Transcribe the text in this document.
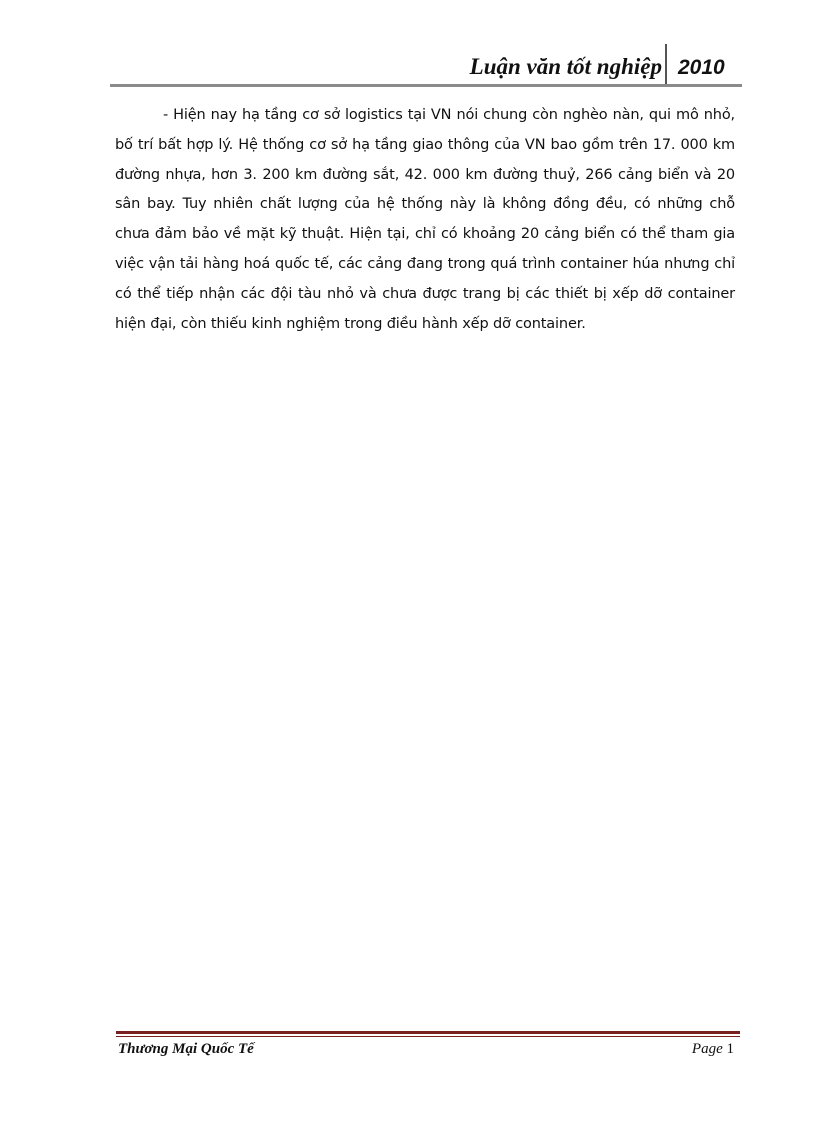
Luận văn tốt nghiệp 2010

- Hiện nay hạ tầng cơ sở logistics tại VN nói chung còn nghèo nàn, qui mô nhỏ, bố trí bất hợp lý. Hệ thống cơ sở hạ tầng giao thông của VN bao gồm trên 17. 000 km đường nhựa, hơn 3. 200 km đường sắt, 42. 000 km đường thuỷ, 266 cảng biển và 20 sân bay. Tuy nhiên chất lượng của hệ thống này là không đồng đều, có những chỗ chưa đảm bảo về mặt kỹ thuật. Hiện tại, chỉ có khoảng 20 cảng biển có thể tham gia việc vận tải hàng hoá quốc tế, các cảng đang trong quá trình container húa nhưng chỉ có thể tiếp nhận các đội tàu nhỏ và chưa được trang bị các thiết bị xếp dỡ container hiện đại, còn thiếu kinh nghiệm trong điều hành xếp dỡ container.

Thương Mại Quốc Tế	Page 1
